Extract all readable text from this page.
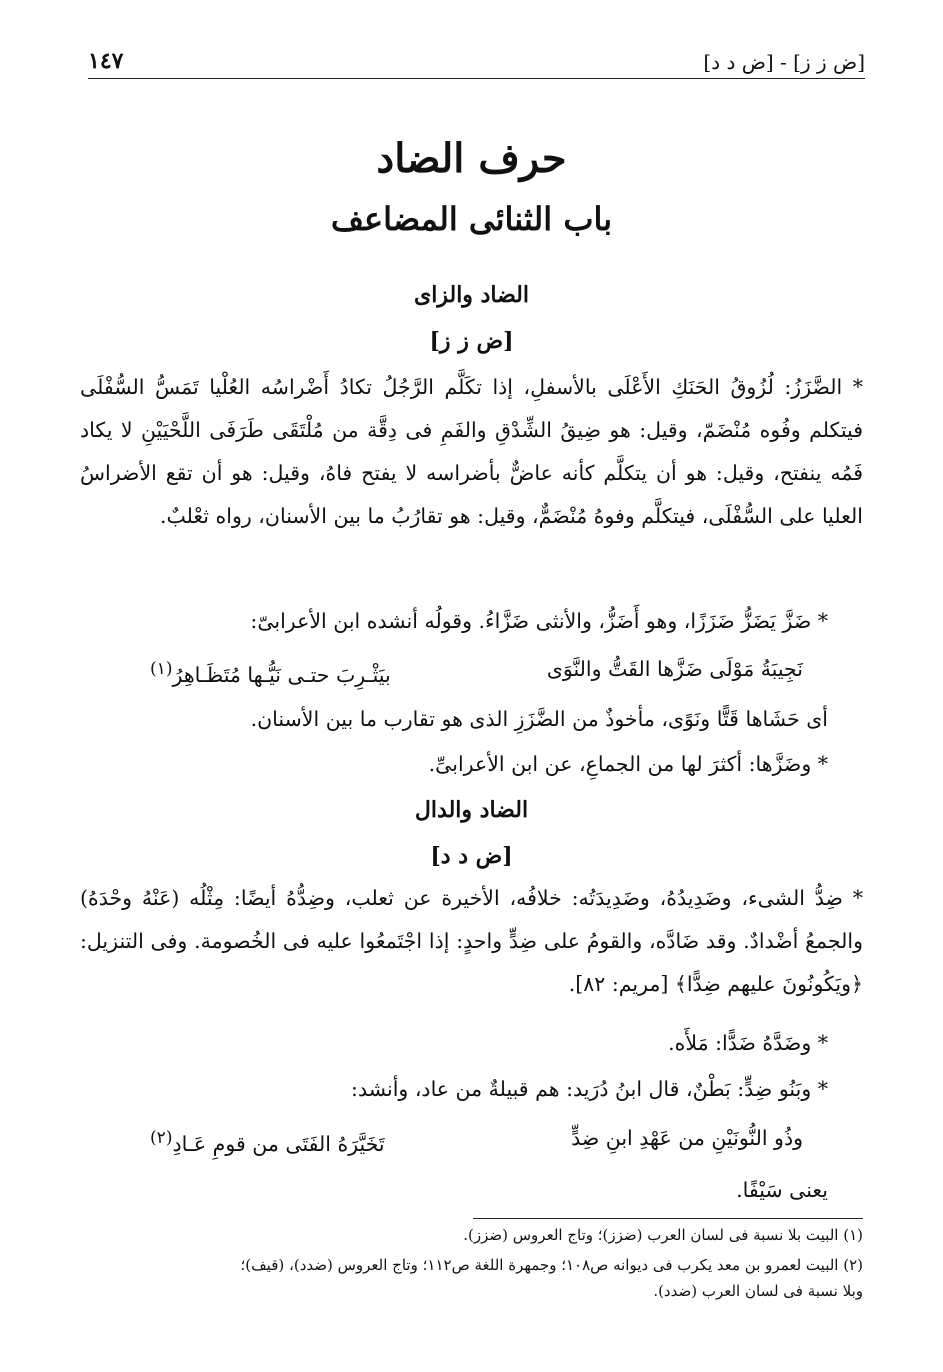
[ض ز ز] - [ض د د]
١٤٧
حرف الضاد
باب الثنائى المضاعف
الضاد والزاى
[ض ز ز]
* الضَّزَزُ: لُزُوقُ الحَنَكِ الأَعْلَى بالأسفلِ، إذا تكَلَّم الرَّجُلُ تكادُ أَضْراسُه العُلْيا تَمَسُّ السُّفْلَى فيتكلم وفُوه مُنْضَمّ، وقيل: هو ضِيقُ الشِّدْقِ والفَمِ فى دِقَّة من مُلْتَقَى طَرَفَى اللَّحْيَيْنِ لا يكاد فَمُه ينفتح، وقيل: هو أن يتكلَّم كأنه عاضٌّ بأضراسه لا يفتح فاهُ، وقيل: هو أن تقع الأضراسُ العليا على السُّفْلَى، فيتكلَّم وفوهُ مُنْضَمٌّ، وقيل: هو تقارُبُ ما بين الأسنان، رواه ثعْلبٌ.
* ضَزَّ يَضَزُّ ضَزَزًا، وهو أَضَزُّ، والأنثى ضَزَّاءُ. وقولُه أنشده ابن الأعرابىّ:
نَجِيبَةُ مَوْلَى ضَزَّها القَتُّ والنَّوَى
بيَثْـرِبَ حتـى نَيُّـها مُتَظَـاهِرُ$^{(١)}$
أى حَشَاها قَتًّا ونَوًى، مأخوذٌ من الضَّزَزِ الذى هو تقارب ما بين الأسنان.
* وضَزَّها: أكثرَ لها من الجماعِ، عن ابن الأعرابىِّ.
الضاد والدال
[ض د د]
* ضِدُّ الشىء، وضَدِيدُهُ، وضَدِيدَتُه: خلافُه، الأخيرة عن ثعلب، وضِدُّهُ أيضًا: مِثْلُه (عَنْهُ وحْدَهُ) والجمعُ أضْدادٌ. وقد ضَادَّه، والقومُ على ضِدٍّ واحدٍ: إذا اجْتَمعُوا عليه فى الخُصومة. وفى التنزيل: ﴿ويَكُونُونَ عليهم ضِدًّا﴾ [مريم: ٨٢].
* وضَدَّهُ ضَدًّا: مَلأَه.
* وبَنُو ضِدٍّ: بَطْنٌ، قال ابنُ دُرَيد: هم قبيلةٌ من عاد، وأنشد:
وذُو النُّونَيْنِ من عَهْدِ ابنِ ضِدٍّ
تَخَيَّرَهُ الفَتَى من قومِ عَـادِ$^{(٢)}$
يعنى سَيْفًا.
(١) البيت بلا نسبة فى لسان العرب (ضزز)؛ وتاج العروس (ضزز).
(٢) البيت لعمرو بن معد يكرب فى ديوانه ص١٠٨؛ وجمهرة اللغة ص١١٢؛ وتاج العروس (ضدد)، (قيف)؛
وبلا نسبة فى لسان العرب (ضدد).
